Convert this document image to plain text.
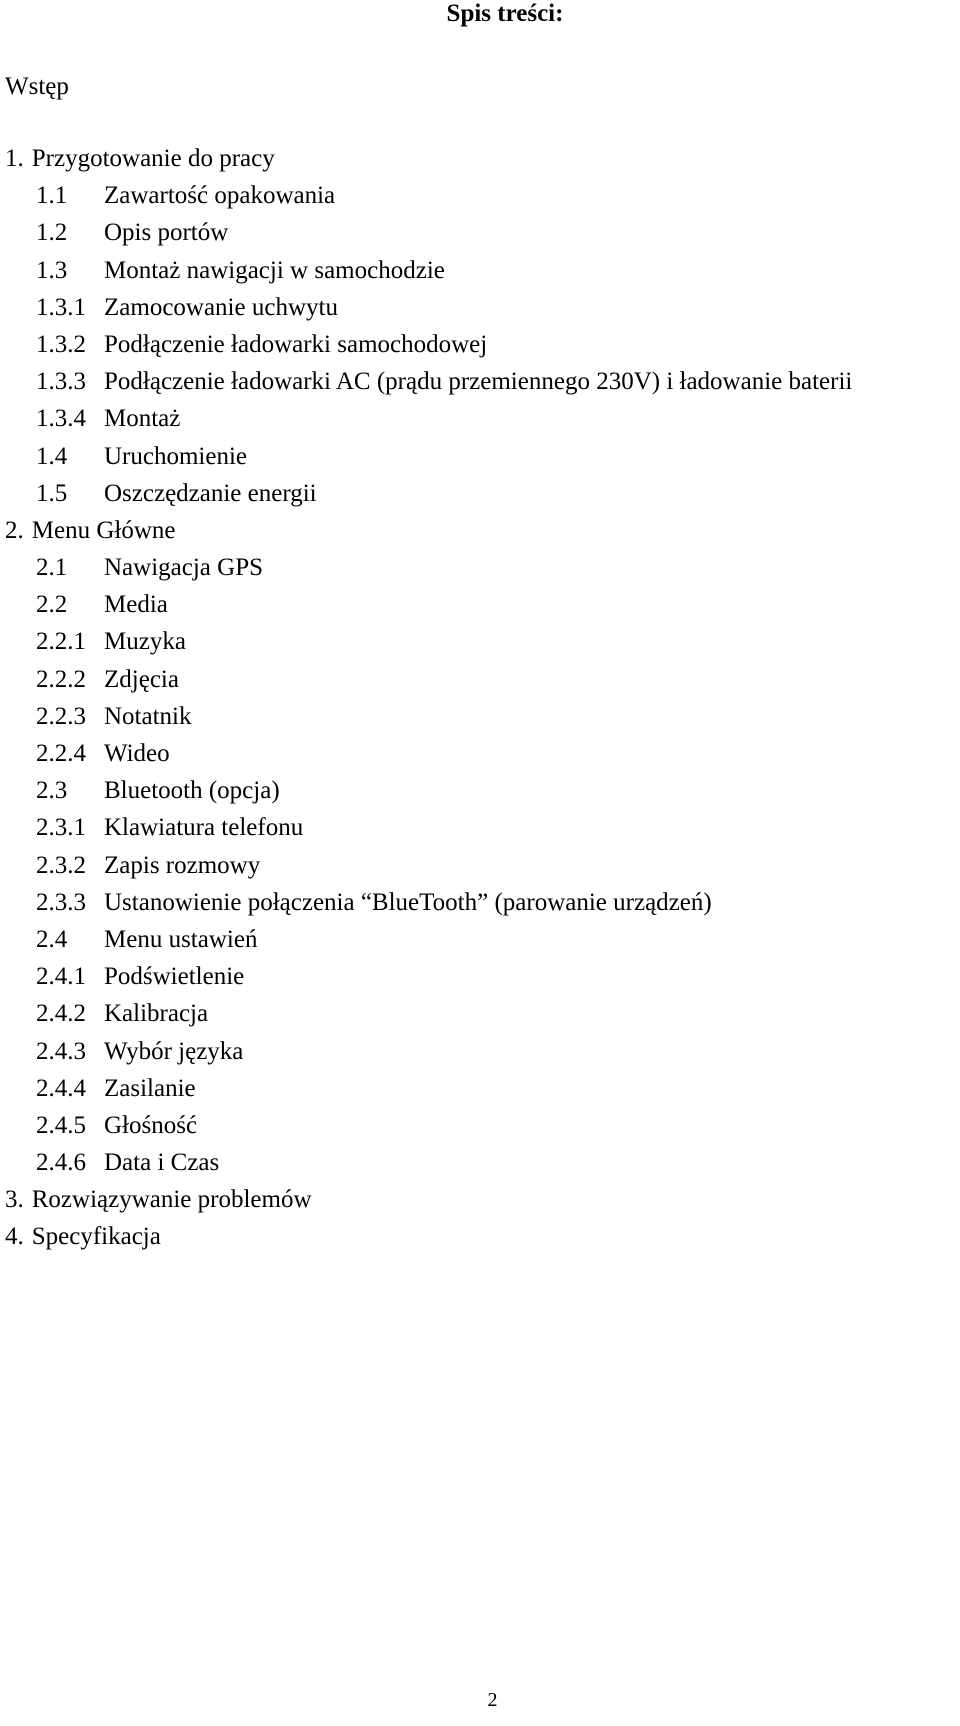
Spis treści:

Wstęp

1. Przygotowanie do pracy
1.1	Zawartość opakowania
1.2	Opis portów
1.3	Montaż nawigacji w samochodzie
1.3.1 Zamocowanie uchwytu
1.3.2 Podłączenie ładowarki samochodowej
1.3.3 Podłączenie ładowarki AC (prądu przemiennego 230V) i ładowanie baterii
1.3.4 Montaż
1.4	Uruchomienie
1.5	Oszczędzanie energii
2. Menu Główne
2.1	Nawigacja GPS
2.2	Media
2.2.1 Muzyka
2.2.2 Zdjęcia
2.2.3 Notatnik
2.2.4 Wideo
2.3	Bluetooth (opcja)
2.3.1 Klawiatura telefonu
2.3.2 Zapis rozmowy
2.3.3 Ustanowienie połączenia “BlueTooth” (parowanie urządzeń)
2.4	Menu ustawień
2.4.1 Podświetlenie
2.4.2 Kalibracja
2.4.3 Wybór języka
2.4.4 Zasilanie
2.4.5 Głośność
2.4.6 Data i Czas
3. Rozwiązywanie problemów
4. Specyfikacja
2
